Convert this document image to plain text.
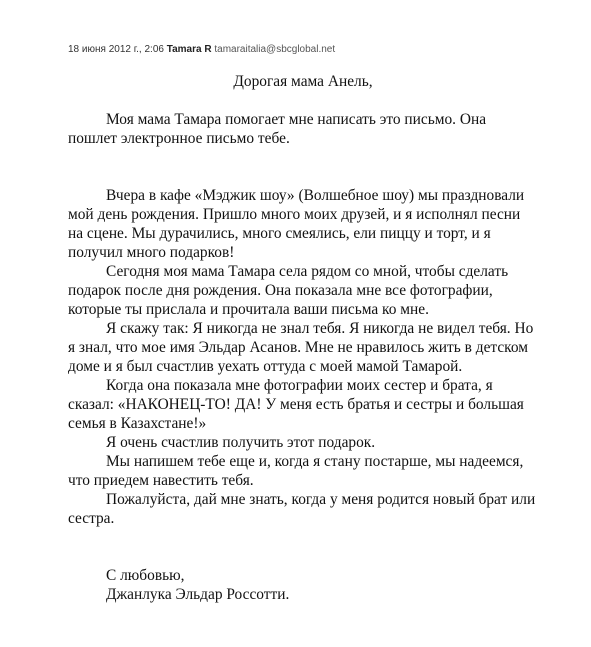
18 июня 2012 г., 2:06 Tamara R tamaraitalia@sbcglobal.net

Дорогая мама Анель,

Моя мама Тамара помогает мне написать это письмо. Она пошлет электронное письмо тебе.

Вчера в кафе «Мэджик шоу» (Волшебное шоу) мы праздновали мой день рождения. Пришло много моих друзей, и я исполнял песни на сцене. Мы дурачились, много смеялись, ели пиццу и торт, и я получил много подарков!

Сегодня моя мама Тамара села рядом со мной, чтобы сделать подарок после дня рождения. Она показала мне все фотографии, которые ты прислала и прочитала ваши письма ко мне.

Я скажу так: Я никогда не знал тебя. Я никогда не видел тебя. Но я знал, что мое имя Эльдар Асанов. Мне не нравилось жить в детском доме и я был счастлив уехать оттуда с моей мамой Тамарой.

Когда она показала мне фотографии моих сестер и брата, я сказал: «НАКОНЕЦ-ТО! ДА! У меня есть братья и сестры и большая семья в Казахстане!»

Я очень счастлив получить этот подарок.

Мы напишем тебе еще и, когда я стану постарше, мы надеемся, что приедем навестить тебя.

Пожалуйста, дай мне знать, когда у меня родится новый брат или сестра.

С любовью,

Джанлука Эльдар Россотти.
